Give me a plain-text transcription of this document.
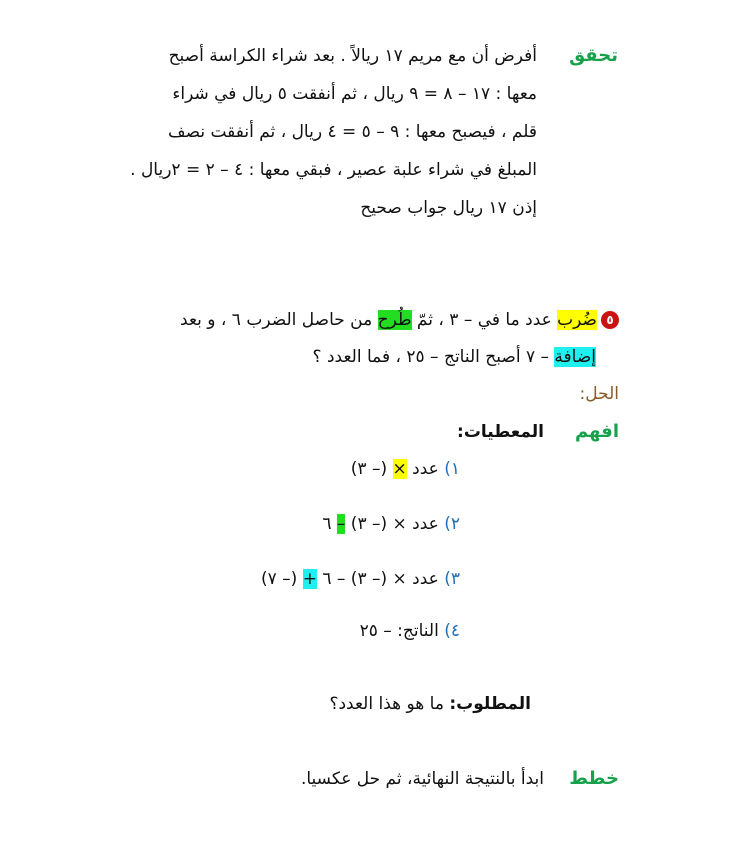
تحقق
أفرض أن مع مريم ١٧ ريالاً . بعد شراء الكراسة أصبح
معها : ١٧ – ٨ = ٩ ريال ، ثم أنفقت ٥ ريال في شراء
قلم ، فيصبح معها : ٩ – ٥ = ٤ ريال ، ثم أنفقت نصف
المبلغ في شراء علبة عصير ، فبقي معها : ٤ – ٢ = ٢ريال .
إذن ١٧ ريال جواب صحيح
٥ضُرب عدد ما في – ٣ ، ثمّ طُرح من حاصل الضرب ٦ ، و بعد
إضافة – ٧ أصبح الناتج – ٢٥ ، فما العدد ؟
الحل:
افهم
المعطيات:
١) عدد × (– ٣)
٢) عدد × (– ٣) – ٦
٣) عدد × (– ٣) – ٦ + (– ٧)
٤) الناتج: – ٢٥
المطلوب: ما هو هذا العدد؟
خطط
ابدأ بالنتيجة النهائية، ثم حل عكسيا.
